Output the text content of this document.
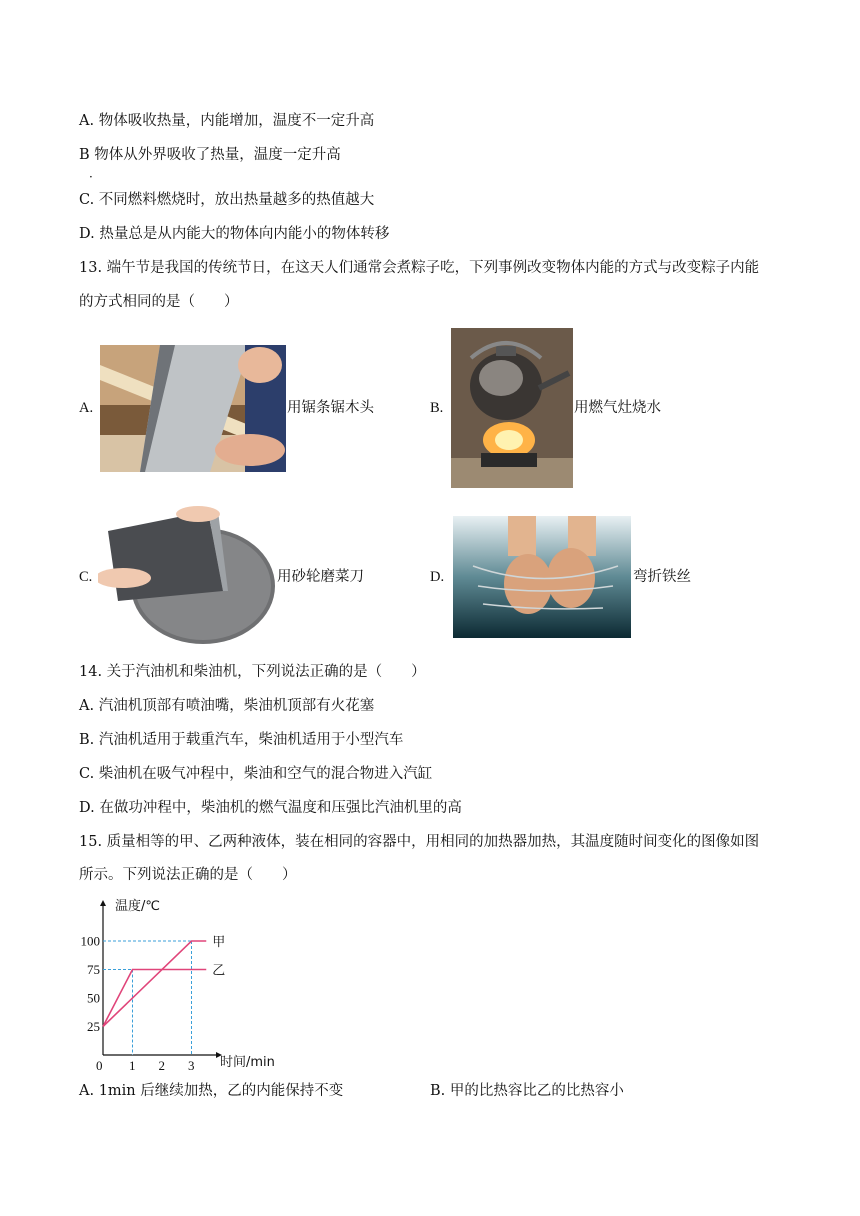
A. 物体吸收热量，内能增加，温度不一定升高
B 物体从外界吸收了热量，温度一定升高
·
C. 不同燃料燃烧时，放出热量越多的热值越大
D. 热量总是从内能大的物体向内能小的物体转移
13. 端午节是我国的传统节日，在这天人们通常会煮粽子吃，下列事例改变物体内能的方式与改变粽子内能
的方式相同的是（　　）
A.	用锯条锯木头	B.	用燃气灶烧水
C.	用砂轮磨菜刀	D.	弯折铁丝
14. 关于汽油机和柴油机，下列说法正确的是（　　）
A. 汽油机顶部有喷油嘴，柴油机顶部有火花塞
B. 汽油机适用于载重汽车，柴油机适用于小型汽车
C. 柴油机在吸气冲程中，柴油和空气的混合物进入汽缸
D. 在做功冲程中，柴油机的燃气温度和压强比汽油机里的高
15. 质量相等的甲、乙两种液体，装在相同的容器中，用相同的加热器加热，其温度随时间变化的图像如图
所示。下列说法正确的是（　　）
温度/℃
时间/min
0 1 2 3
25
50
75
100	甲
乙
A. 1min 后继续加热，乙的内能保持不变	B. 甲的比热容比乙的比热容小
